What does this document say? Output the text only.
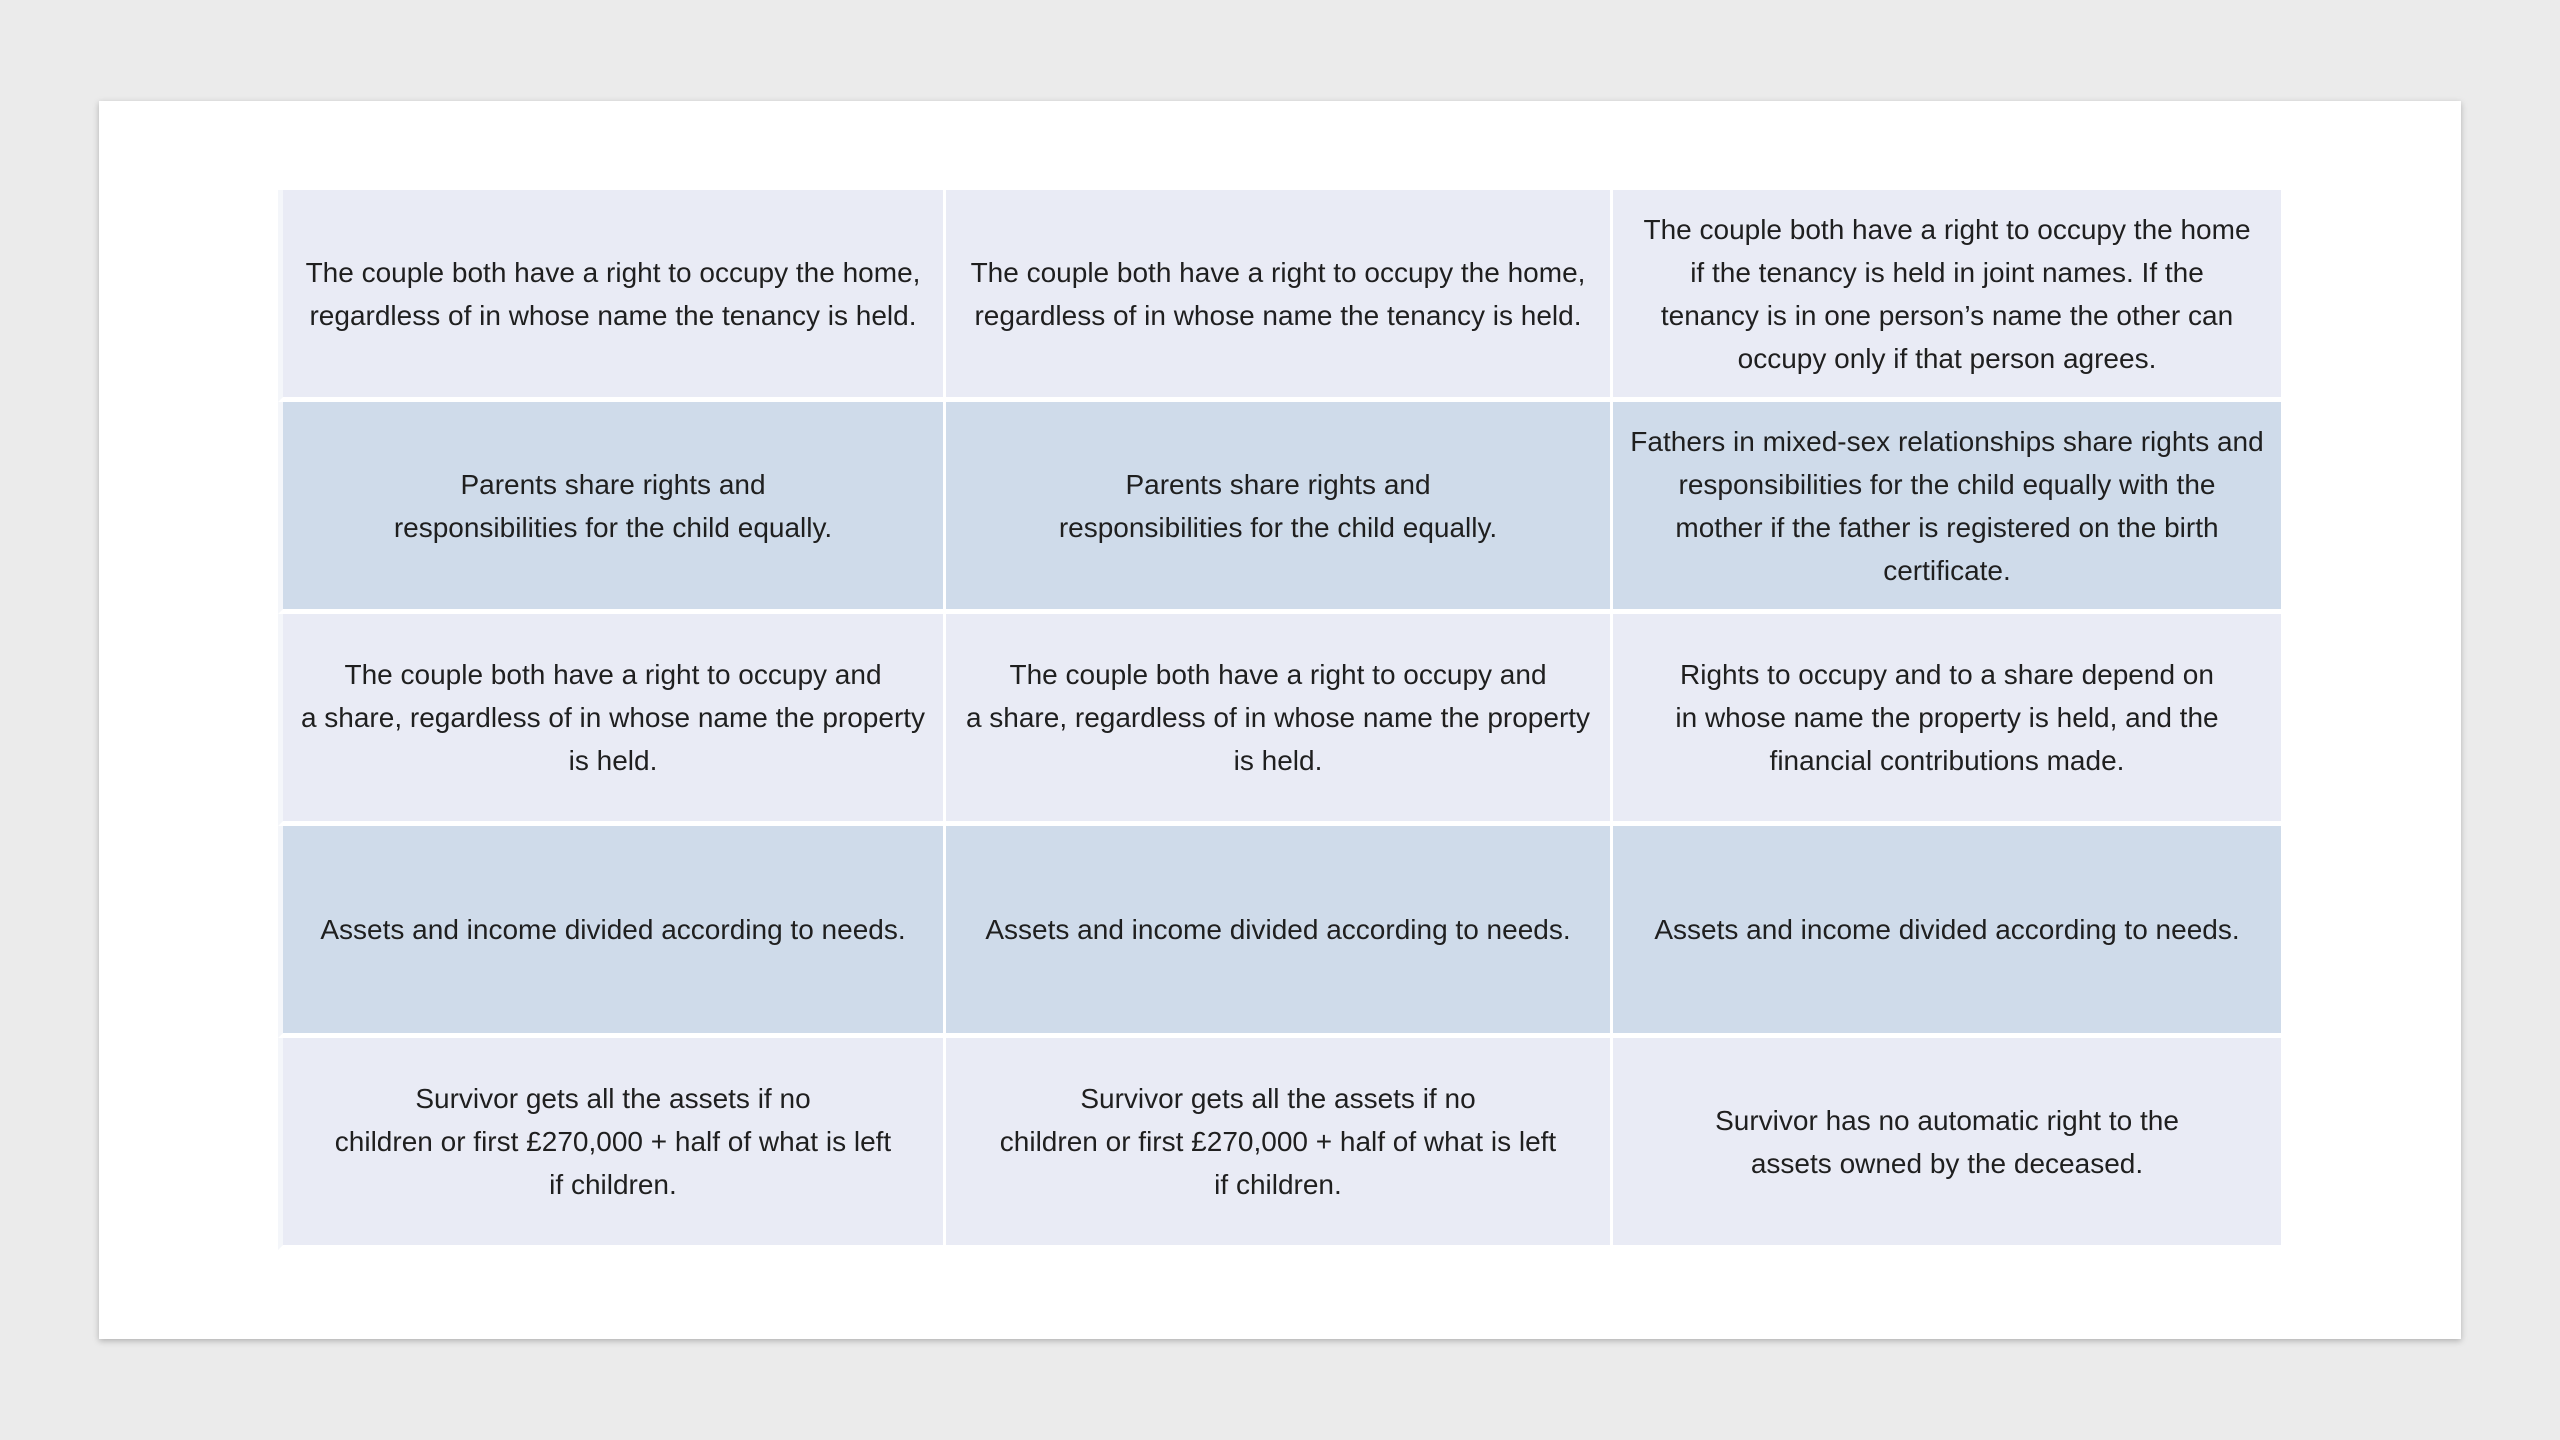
The couple both have a right to occupy the home,
regardless of in whose name the tenancy is held.
The couple both have a right to occupy the home,
regardless of in whose name the tenancy is held.
The couple both have a right to occupy the home
if the tenancy is held in joint names. If the
tenancy is in one person’s name the other can
occupy only if that person agrees.
Parents share rights and
responsibilities for the child equally.
Parents share rights and
responsibilities for the child equally.
Fathers in mixed-sex relationships share rights and
responsibilities for the child equally with the
mother if the father is registered on the birth
certificate.
The couple both have a right to occupy and
a share, regardless of in whose name the property
is held.
The couple both have a right to occupy and
a share, regardless of in whose name the property
is held.
Rights to occupy and to a share depend on
in whose name the property is held, and the
financial contributions made.
Assets and income divided according to needs.	Assets and income divided according to needs.	Assets and income divided according to needs.
Survivor gets all the assets if no
children or first £270,000 + half of what is left
if children.
Survivor gets all the assets if no
children or first £270,000 + half of what is left
if children.
Survivor has no automatic right to the
assets owned by the deceased.
